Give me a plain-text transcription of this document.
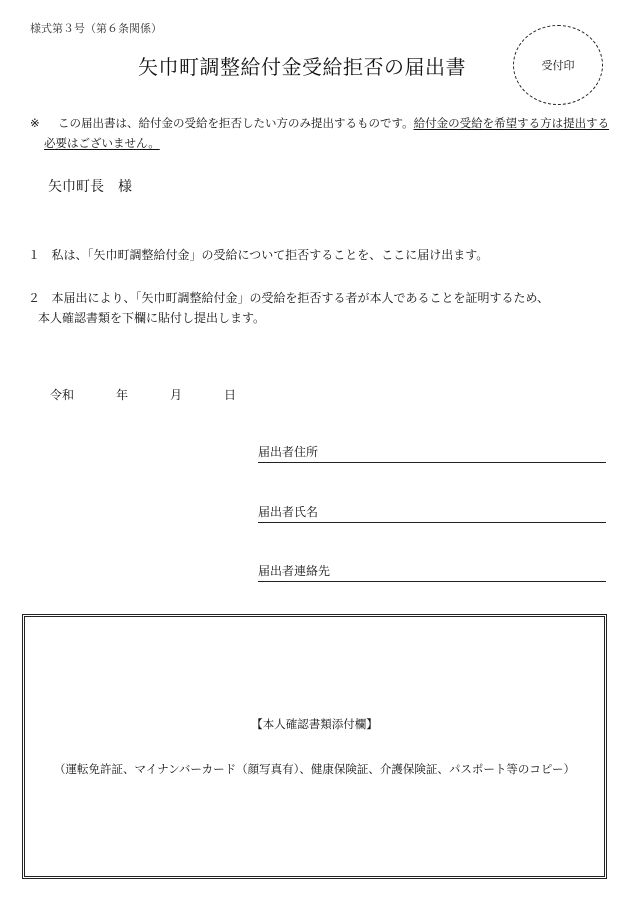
様式第３号（第６条関係）
矢巾町調整給付金受給拒否の届出書	受付印
※	この届出書は、給付金の受給を拒否したい方のみ提出するものです。給付金の受給を希望する方は提出する必要はございません。
矢巾町長　様
１ 私は、「矢巾町調整給付金」の受給について拒否することを、ここに届け出ます。
２ 本届出により、「矢巾町調整給付金」の受給を拒否する者が本人であることを証明するため、
本人確認書類を下欄に貼付し提出します。
令和	年	月	日
届出者住所
届出者氏名
届出者連絡先
【本人確認書類添付欄】
（運転免許証、マイナンバーカード（顔写真有）、健康保険証、介護保険証、パスポート等のコピー）
